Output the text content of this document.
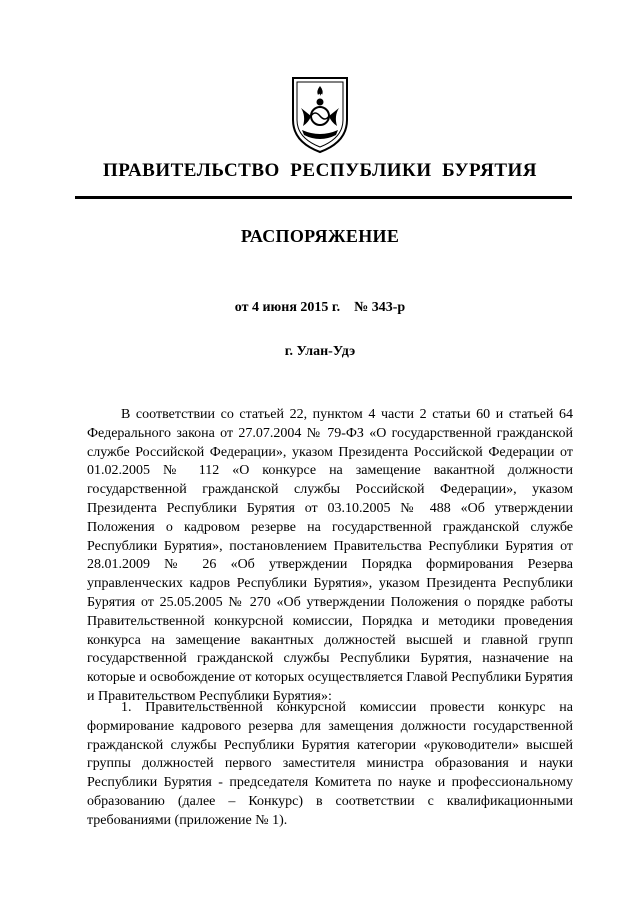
ПРАВИТЕЛЬСТВО  РЕСПУБЛИКИ  БУРЯТИЯ
РАСПОРЯЖЕНИЕ

от 4 июня 2015 г.    № 343-р

г. Улан-Удэ

В соответствии со статьей 22, пунктом 4 части 2 статьи 60 и статьей 64 Федерального закона от 27.07.2004 № 79-ФЗ «О государственной гражданской службе Российской Федерации», указом Президента Российской Федерации от 01.02.2005 № 112 «О конкурсе на замещение вакантной должности государственной гражданской службы Российской Федерации», указом Президента Республики Бурятия от 03.10.2005 № 488 «Об утверждении Положения о кадровом резерве на государственной гражданской службе Республики Бурятия», постановлением Правительства Республики Бурятия от 28.01.2009 № 26 «Об утверждении Порядка формирования Резерва управленческих кадров Республики Бурятия», указом Президента Республики Бурятия от 25.05.2005 № 270 «Об утверждении Положения о порядке работы Правительственной конкурсной комиссии, Порядка и методики проведения конкурса на замещение вакантных должностей высшей и главной групп государственной гражданской службы Республики Бурятия, назначение на которые и освобождение от которых осуществляется Главой Республики Бурятия и Правительством Республики Бурятия»:

1. Правительственной конкурсной комиссии провести конкурс на формирование кадрового резерва для замещения должности государственной гражданской службы Республики Бурятия категории «руководители» высшей группы должностей первого заместителя министра образования и науки Республики Бурятия - председателя Комитета по науке и профессиональному образованию (далее – Конкурс) в соответствии с квалификационными требованиями (приложение № 1).
